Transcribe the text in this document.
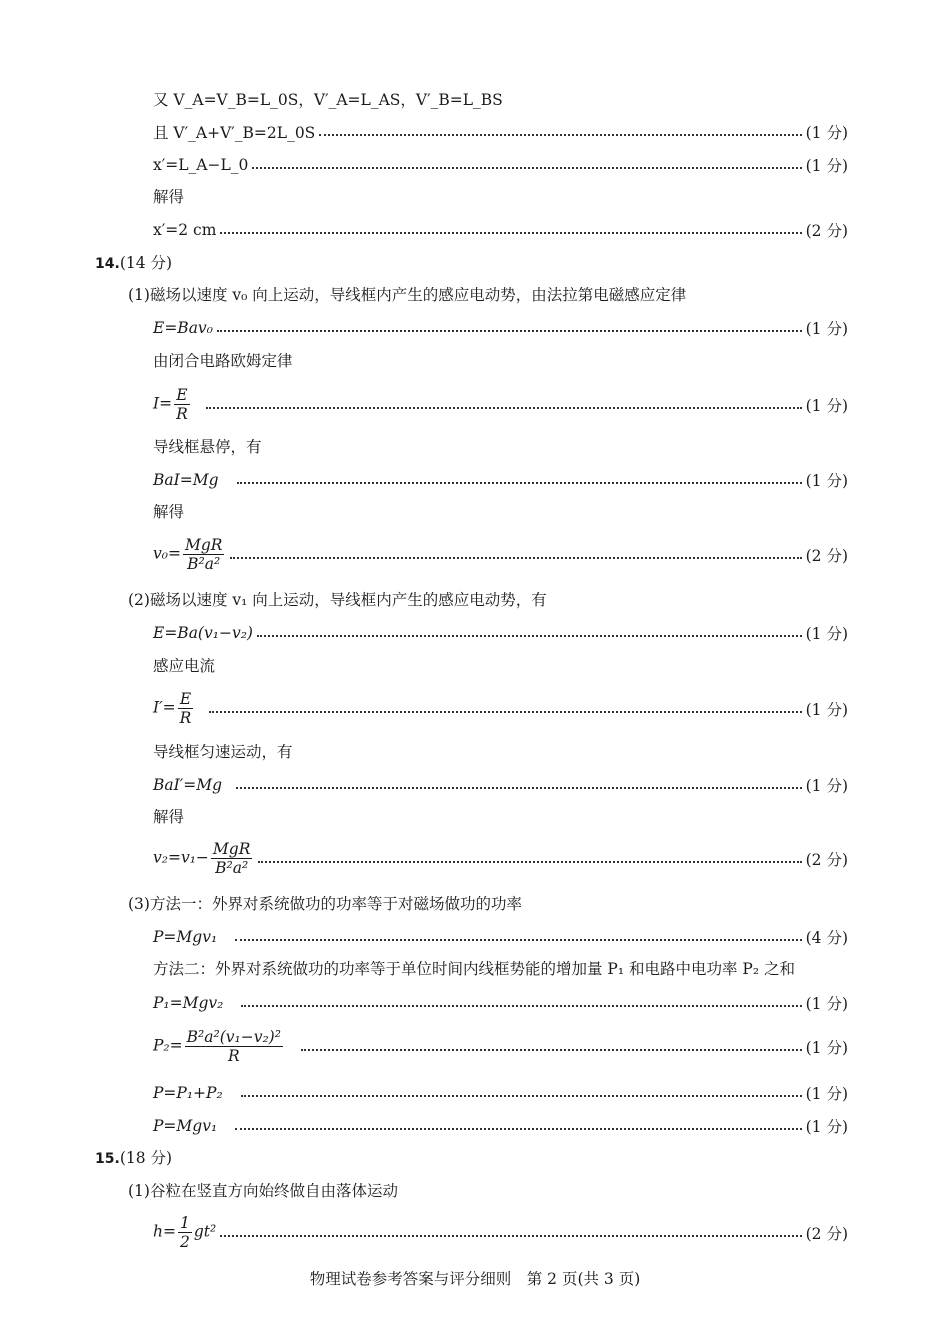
又 V_A=V_B=L_0S，V′_A=L_AS，V′_B=L_BS
且 V′_A+V′_B=2L_0S	(1 分)
x′=L_A−L_0	(1 分)
解得
x′=2 cm	(2 分)
14.(14 分)
(1)磁场以速度 v₀ 向上运动，导线框内产生的感应电动势，由法拉第电磁感应定律
E=Bav₀	(1 分)
由闭合电路欧姆定律
$I= \frac{E}{R}$	(1 分)
导线框悬停，有
BaI=Mg	(1 分)
解得
$v_0= \frac{\text{MgR}}{\text{B²a²}}$	(2 分)
(2)磁场以速度 v₁ 向上运动，导线框内产生的感应电动势，有
E=Ba(v₁−v₂)	(1 分)
感应电流
$I'= \frac{E}{R}$	(1 分)
导线框匀速运动，有
BaI′=Mg	(1 分)
解得
$v_2=v_1- \frac{\text{MgR}}{\text{B²a²}}$	(2 分)
(3)方法一：外界对系统做功的功率等于对磁场做功的功率
P=Mgv₁	(4 分)
方法二：外界对系统做功的功率等于单位时间内线框势能的增加量 P₁ 和电路中电功率 P₂ 之和
P₁=Mgv₂	(1 分)
$P_2= \frac{\text{B²a²(v₁−v₂)²}}{R}$	(1 分)
P=P₁+P₂	(1 分)
P=Mgv₁	(1 分)
15.(18 分)
(1)谷粒在竖直方向始终做自由落体运动
$h= \frac{1}{2} gt^2$	(2 分)
物理试卷参考答案与评分细则　第 2 页(共 3 页)
